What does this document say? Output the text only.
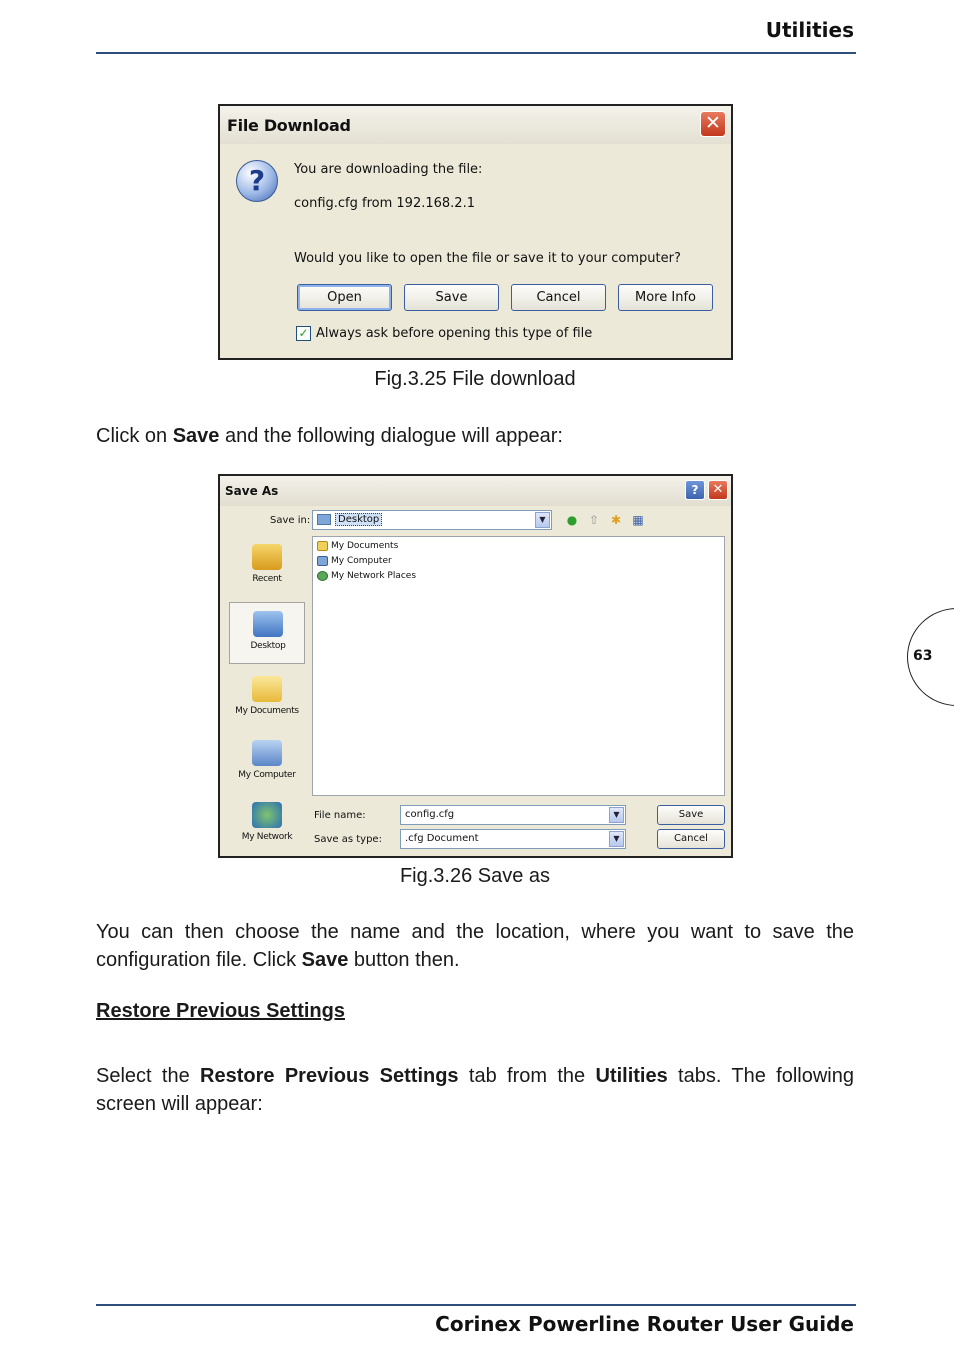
Utilities
63
File Download	✕
?	You are downloading the file:
config.cfg from 192.168.2.1
Would you like to open the file or save it to your computer?
Open	Save	Cancel	More Info
✓ Always ask before opening this type of file
Fig.3.25 File download
Click on Save and the following dialogue will appear:
Save As	?	✕
Save in:	Desktop	▼	● ⇧ ✱ ▦
Recent
Desktop
My Documents
My Computer
My Network
My Documents
My Computer
My Network Places
File name:	config.cfg	▼
Save as type:	.cfg Document	▼
Save
Cancel
Fig.3.26 Save as
You can then choose the name and the location, where you want to save the configuration file. Click Save button then.
Restore Previous Settings
Select the Restore Previous Settings tab from the Utilities tabs. The following screen will appear:
Corinex Powerline Router User Guide
